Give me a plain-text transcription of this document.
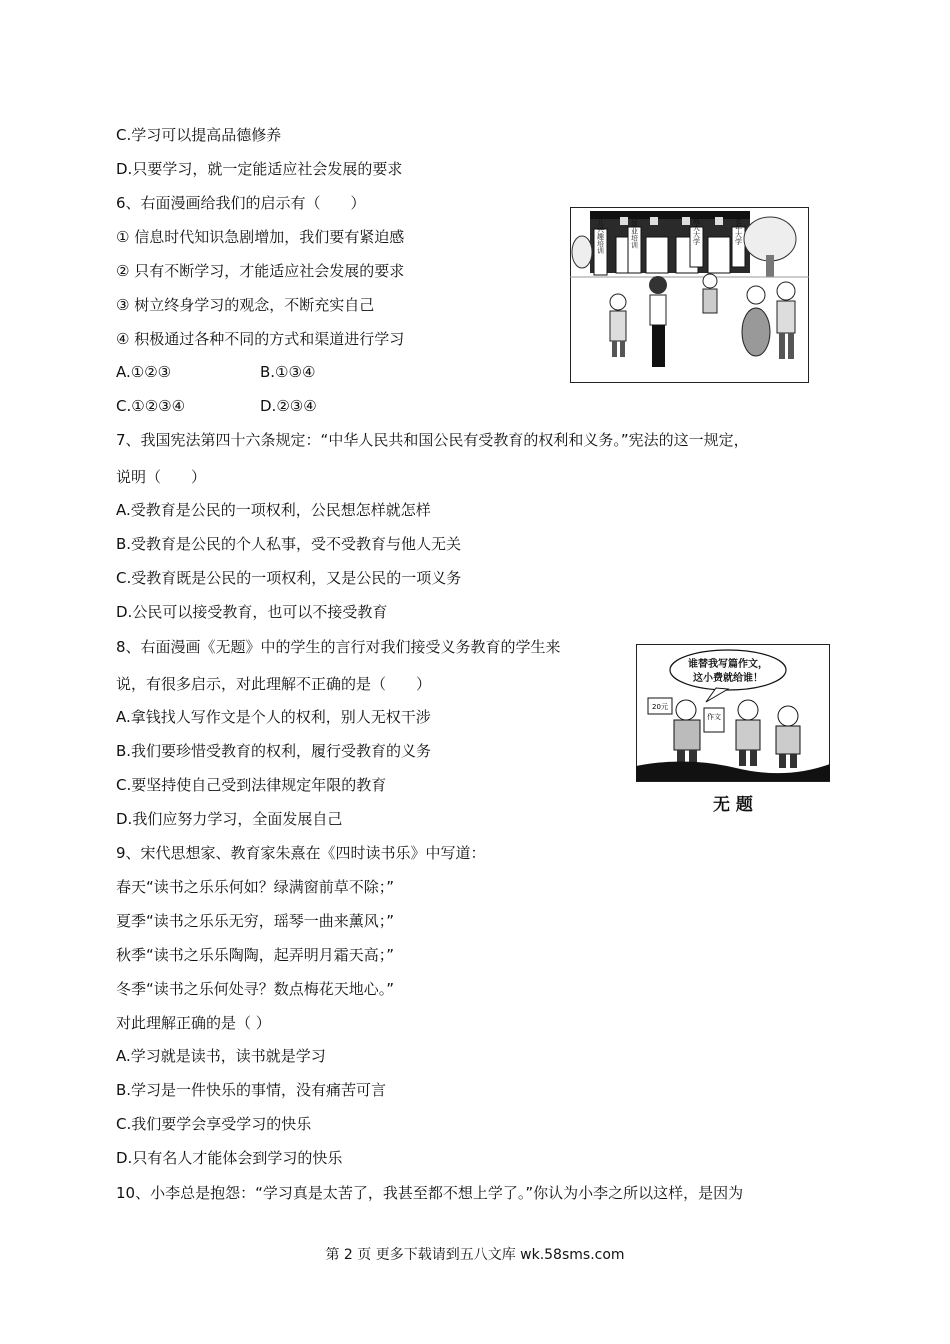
C.学习可以提高品德修养
D.只要学习，就一定能适应社会发展的要求
6、右面漫画给我们的启示有（　　）
① 信息时代知识急剧增加，我们要有紧迫感
② 只有不断学习，才能适应社会发展的要求
③ 树立终身学习的观念，不断充实自己
④ 积极通过各种不同的方式和渠道进行学习
A.①②③	B.①③④
C.①②③④	D.②③④
7、我国宪法第四十六条规定：“中华人民共和国公民有受教育的权利和义务。”宪法的这一规定，
说明（　　）
A.受教育是公民的一项权利，公民想怎样就怎样
B.受教育是公民的个人私事，受不受教育与他人无关
C.受教育既是公民的一项权利，又是公民的一项义务
D.公民可以接受教育，也可以不接受教育
8、右面漫画《无题》中的学生的言行对我们接受义务教育的学生来
说，有很多启示，对此理解不正确的是（　　）
A.拿钱找人写作文是个人的权利，别人无权干涉
B.我们要珍惜受教育的权利，履行受教育的义务
C.要坚持使自己受到法律规定年限的教育
D.我们应努力学习，全面发展自己
9、宋代思想家、教育家朱熹在《四时读书乐》中写道：
春天“读书之乐乐何如？绿满窗前草不除；”
夏季“读书之乐乐无穷，瑶琴一曲来薰风；”
秋季“读书之乐乐陶陶，起弄明月霜天高；”
冬季“读书之乐何处寻？数点梅花天地心。”
对此理解正确的是（ ）
A.学习就是读书，读书就是学习
B.学习是一件快乐的事情，没有痛苦可言
C.我们要学会享受学习的快乐
D.只有名人才能体会到学习的快乐
10、小李总是抱怨：“学习真是太苦了，我甚至都不想上学了。”你认为小李之所以这样，是因为
少儿兴趣培训	再就业培训	成人大学	老年大学
谁替我写篇作文，
这小费就给谁！
20元
作文
无 题
第 2 页 更多下载请到五八文库 wk.58sms.com
